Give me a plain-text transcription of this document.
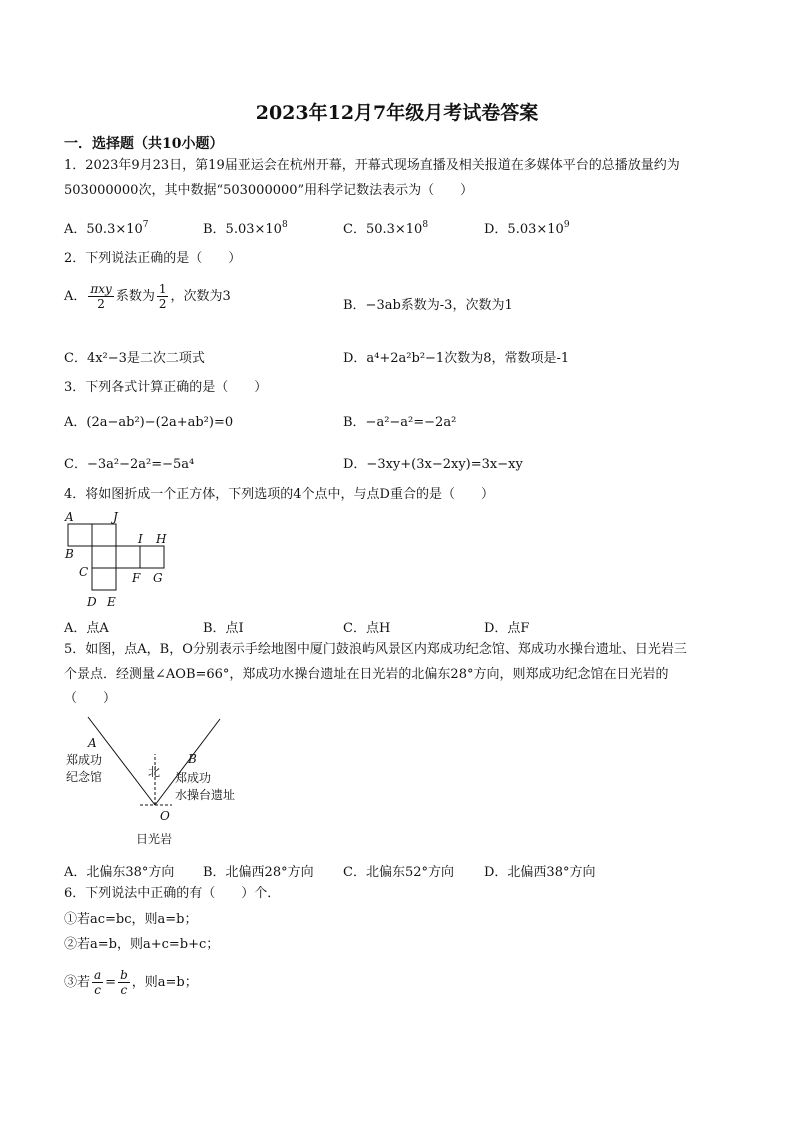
2023年12月7年级月考试卷答案
一．选择题（共10小题）
1．2023年9月23日，第19届亚运会在杭州开幕，开幕式现场直播及相关报道在多媒体平台的总播放量约为
503000000次，其中数据“503000000”用科学记数法表示为（　　）
A．$50.3\times 10^7$	B．$5.03\times 10^8$	C．$50.3\times 10^8$	D．$5.03\times 10^9$
2．下列说法正确的是（　　）
A． $\frac{\text{πxy}}{2}$ 系数为 $\frac{1}{2}$ ，次数为3
B．−3ab系数为-3，次数为1
C．4x²−3是二次二项式	D．a⁴+2a²b²−1次数为8，常数项是-1
3．下列各式计算正确的是（　　）
A．(2a−ab²)−(2a+ab²)=0	B．−a²−a²=−2a²
C．−3a²−2a²=−5a⁴	D．−3xy+(3x−2xy)=3x−xy
4．将如图折成一个正方体，下列选项的4个点中，与点D重合的是（　　）
A	J
B
I H
C	F G
D E
A．点A	B．点I	C．点H	D．点F
5．如图，点A，B，O分别表示手绘地图中厦门鼓浪屿风景区内郑成功纪念馆、郑成功水操台遗址、日光岩三
个景点．经测量∠AOB=66°，郑成功水操台遗址在日光岩的北偏东28°方向，则郑成功纪念馆在日光岩的
（　　）
A
B
O
北
郑成功
纪念馆	郑成功
水操台遗址
日光岩
A．北偏东38°方向 B．北偏西28°方向 C．北偏东52°方向 D．北偏西38°方向
6．下列说法中正确的有（　　）个．
①若ac=bc，则a=b；
②若a=b，则a+c=b+c；
③若 $\frac{a}{c} = \frac{b}{c}$ ，则a=b；
